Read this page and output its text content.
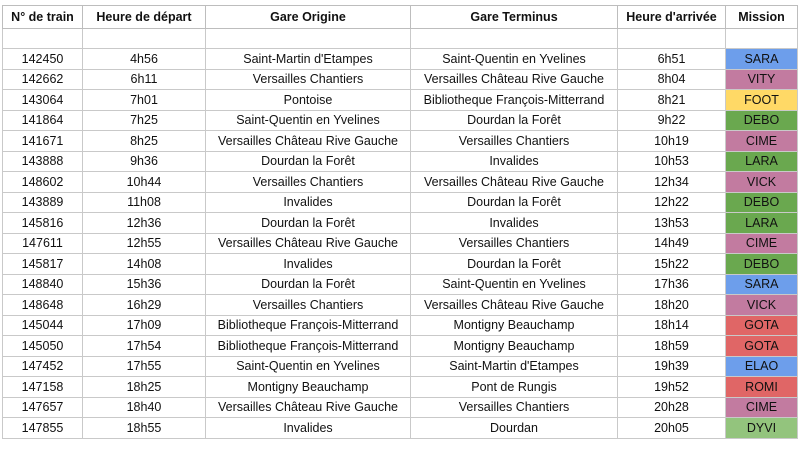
N° de train	Heure de départ	Gare Origine	Gare Terminus	Heure d'arrivée	Mission

142450	4h56	Saint-Martin d'Etampes	Saint-Quentin en Yvelines	6h51	SARA
142662	6h11	Versailles Chantiers	Versailles Château Rive Gauche	8h04	VITY
143064	7h01	Pontoise	Bibliotheque François-Mitterrand	8h21	FOOT
141864	7h25	Saint-Quentin en Yvelines	Dourdan la Forêt	9h22	DEBO
141671	8h25	Versailles Château Rive Gauche	Versailles Chantiers	10h19	CIME
143888	9h36	Dourdan la Forêt	Invalides	10h53	LARA
148602	10h44	Versailles Chantiers	Versailles Château Rive Gauche	12h34	VICK
143889	11h08	Invalides	Dourdan la Forêt	12h22	DEBO
145816	12h36	Dourdan la Forêt	Invalides	13h53	LARA
147611	12h55	Versailles Château Rive Gauche	Versailles Chantiers	14h49	CIME
145817	14h08	Invalides	Dourdan la Forêt	15h22	DEBO
148840	15h36	Dourdan la Forêt	Saint-Quentin en Yvelines	17h36	SARA
148648	16h29	Versailles Chantiers	Versailles Château Rive Gauche	18h20	VICK
145044	17h09	Bibliotheque François-Mitterrand	Montigny Beauchamp	18h14	GOTA
145050	17h54	Bibliotheque François-Mitterrand	Montigny Beauchamp	18h59	GOTA
147452	17h55	Saint-Quentin en Yvelines	Saint-Martin d'Etampes	19h39	ELAO
147158	18h25	Montigny Beauchamp	Pont de Rungis	19h52	ROMI
147657	18h40	Versailles Château Rive Gauche	Versailles Chantiers	20h28	CIME
147855	18h55	Invalides	Dourdan	20h05	DYVI
